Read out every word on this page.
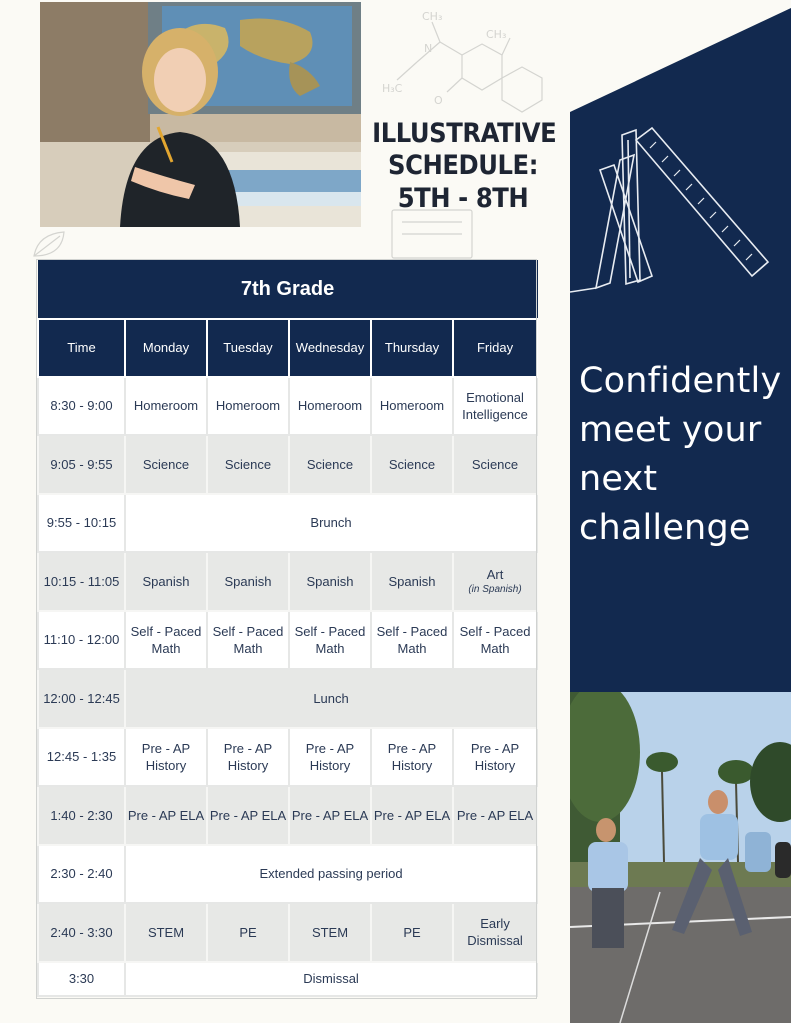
CH₃
CH₃
H₃C
N
O
ILLUSTRATIVE
SCHEDULE:
5TH - 8TH
Confidently
meet your
next
challenge
7th Grade					
Time	Monday	Tuesday	Wednesday	Thursday	Friday
8:30 - 9:00	Homeroom	Homeroom	Homeroom	Homeroom	Emotional Intelligence
9:05 - 9:55	Science	Science	Science	Science	Science
9:55 - 10:15	Brunch				
10:15 - 11:05	Spanish	Spanish	Spanish	Spanish	Art
(in Spanish)

11:10 - 12:00	Self - Paced Math	Self - Paced Math	Self - Paced Math	Self - Paced Math	Self - Paced Math
12:00 - 12:45	Lunch				
12:45 - 1:35	Pre - AP History	Pre - AP History	Pre - AP History	Pre - AP History	Pre - AP History
1:40 - 2:30	Pre - AP ELA	Pre - AP ELA	Pre - AP ELA	Pre - AP ELA	Pre - AP ELA
2:30 - 2:40	Extended passing period				
2:40 - 3:30	STEM	PE	STEM	PE	Early Dismissal
3:30	Dismissal				
